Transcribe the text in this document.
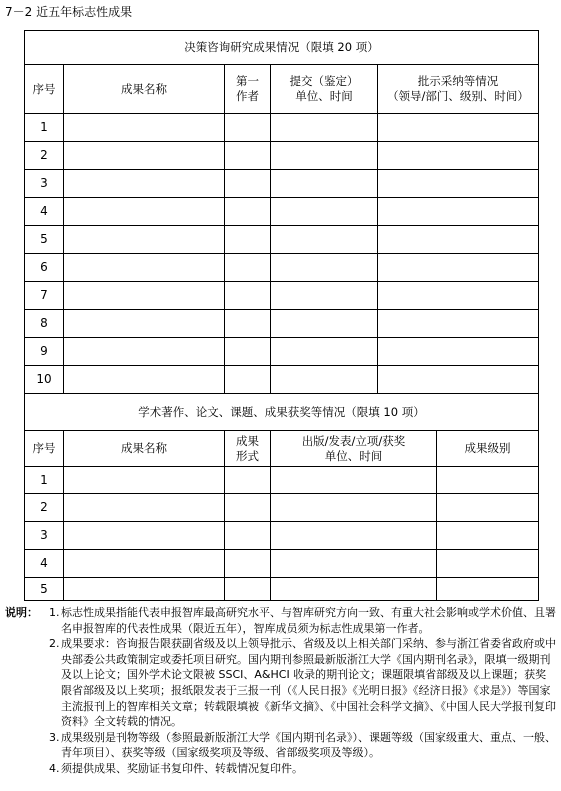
7－2 近五年标志性成果
决策咨询研究成果情况（限填 20 项）
序号	成果名称
第一
作者
提交（鉴定）
单位、时间
批示采纳等情况
（领导/部门、级别、时间）
1
2
3
4
5
6
7
8
9
10
学术著作、论文、课题、成果获奖等情况（限填 10 项）
序号	成果名称
成果
形式
出版/发表/立项/获奖
单位、时间
成果级别
1
2
3
4
5
说明： 1. 标志性成果指能代表申报智库最高研究水平、与智库研究方向一致、有重大社会影响或学术价值、且署名申报智库的代表性成果（限近五年），智库成员须为标志性成果第一作者。
2. 成果要求：咨询报告限获副省级及以上领导批示、省级及以上相关部门采纳、参与浙江省委省政府或中央部委公共政策制定或委托项目研究。国内期刊参照最新版浙江大学《国内期刊名录》，限填一级期刊及以上论文；国外学术论文限被 SSCI、A&HCI 收录的期刊论文；课题限填省部级及以上课题；获奖限省部级及以上奖项；报纸限发表于三报一刊（《人民日报》《光明日报》《经济日报》《求是》）等国家主流报刊上的智库相关文章；转载限填被《新华文摘》、《中国社会科学文摘》、《中国人民大学报刊复印资料》全文转载的情况。
3. 成果级别是刊物等级（参照最新版浙江大学《国内期刊名录》）、课题等级（国家级重大、重点、一般、青年项目）、获奖等级（国家级奖项及等级、省部级奖项及等级）。
4. 须提供成果、奖励证书复印件、转载情况复印件。
